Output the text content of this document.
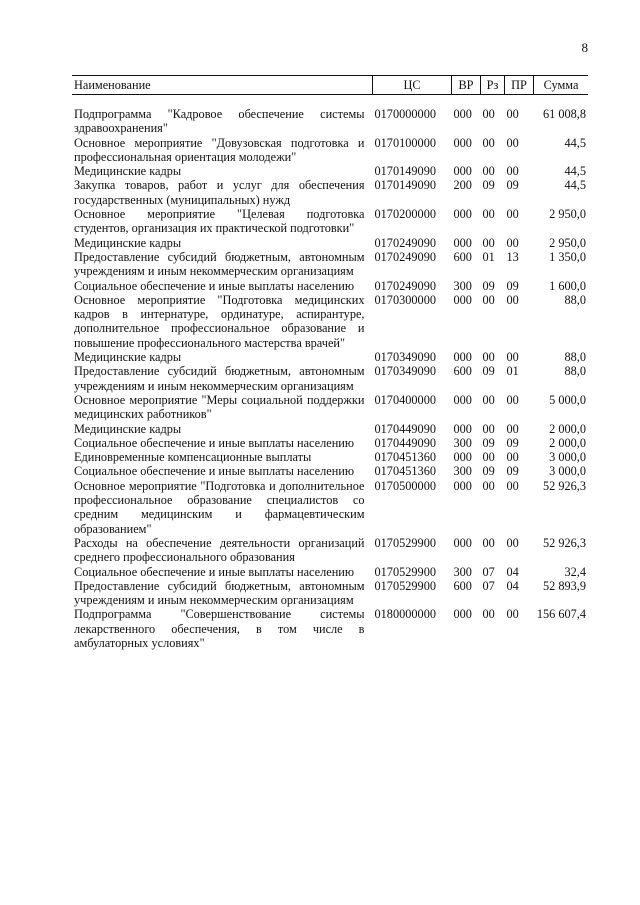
8
Наименование	ЦС	ВР	Рз	ПР	Сумма
Подпрограмма "Кадровое обеспечение системы здравоохранения"	0170000000	000	00	00	61 008,8
Основное мероприятие "Довузовская подготовка и профессиональная ориентация молодежи"	0170100000	000	00	00	44,5
Медицинские кадры	0170149090	000	00	00	44,5
Закупка товаров, работ и услуг для обеспечения государственных (муниципальных) нужд	0170149090	200	09	09	44,5
Основное мероприятие "Целевая подготовка студентов, организация их практической подготовки"	0170200000	000	00	00	2 950,0
Медицинские кадры	0170249090	000	00	00	2 950,0
Предоставление субсидий бюджетным, автономным учреждениям и иным некоммерческим организациям	0170249090	600	01	13	1 350,0
Социальное обеспечение и иные выплаты населению	0170249090	300	09	09	1 600,0
Основное мероприятие "Подготовка медицинских кадров в интернатуре, ординатуре, аспирантуре, дополнительное профессиональное образование и повышение профессионального мастерства врачей"	0170300000	000	00	00	88,0
Медицинские кадры	0170349090	000	00	00	88,0
Предоставление субсидий бюджетным, автономным учреждениям и иным некоммерческим организациям	0170349090	600	09	01	88,0
Основное мероприятие "Меры социальной поддержки медицинских работников"	0170400000	000	00	00	5 000,0
Медицинские кадры	0170449090	000	00	00	2 000,0
Социальное обеспечение и иные выплаты населению	0170449090	300	09	09	2 000,0
Единовременные компенсационные выплаты	0170451360	000	00	00	3 000,0
Социальное обеспечение и иные выплаты населению	0170451360	300	09	09	3 000,0
Основное мероприятие "Подготовка и дополнительное профессиональное образование специалистов со средним медицинским и фармацевтическим образованием"	0170500000	000	00	00	52 926,3
Расходы на обеспечение деятельности организаций среднего профессионального образования	0170529900	000	00	00	52 926,3
Социальное обеспечение и иные выплаты населению	0170529900	300	07	04	32,4
Предоставление субсидий бюджетным, автономным учреждениям и иным некоммерческим организациям	0170529900	600	07	04	52 893,9
Подпрограмма "Совершенствование системы лекарственного обеспечения, в том числе в амбулаторных условиях"	0180000000	000	00	00	156 607,4
